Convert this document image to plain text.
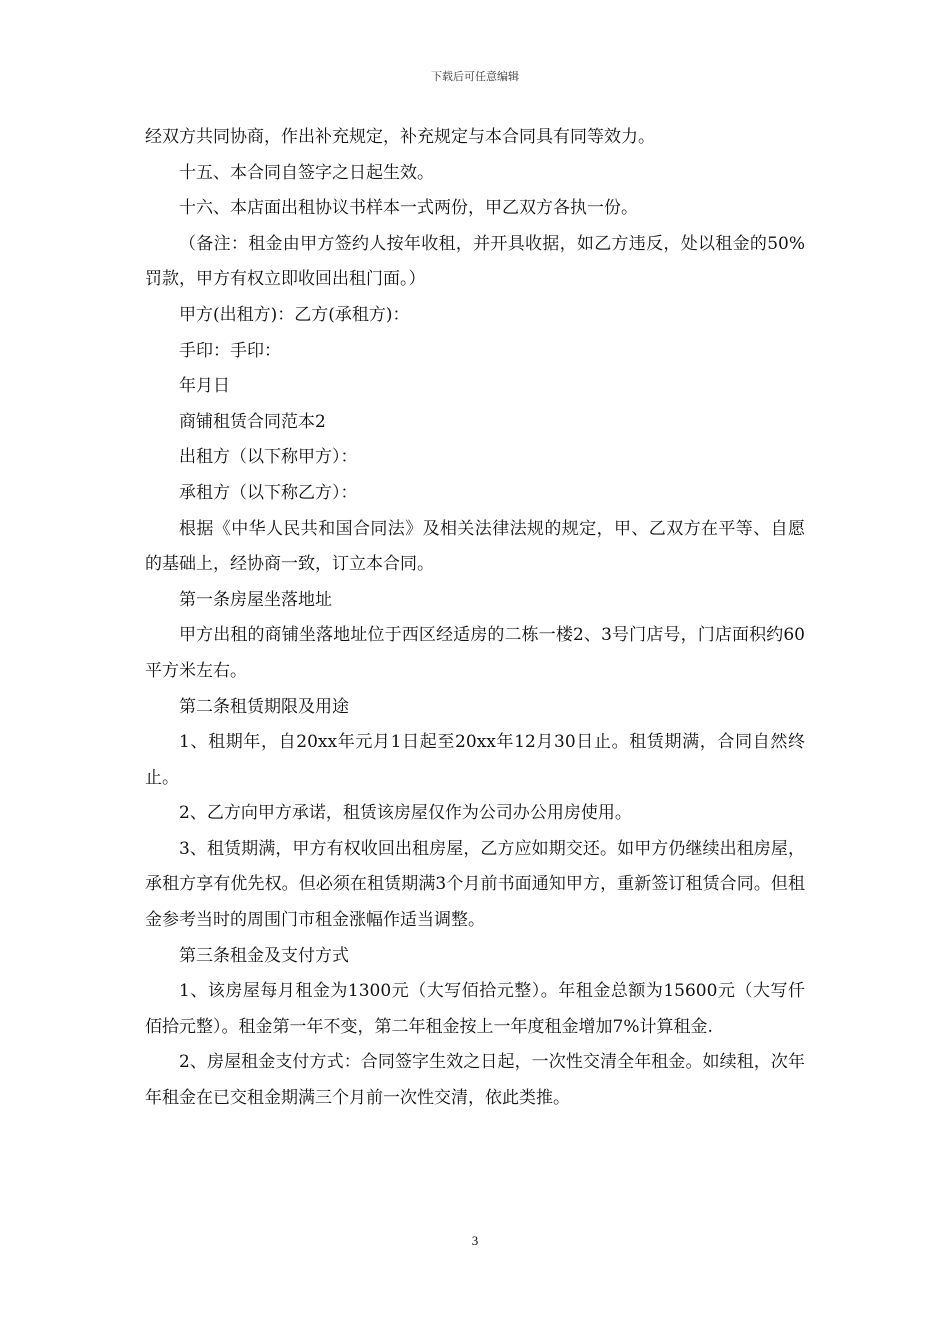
下载后可任意编辑

经双方共同协商，作出补充规定，补充规定与本合同具有同等效力。

十五、本合同自签字之日起生效。

十六、本店面出租协议书样本一式两份，甲乙双方各执一份。

（备注：租金由甲方签约人按年收租，并开具收据，如乙方违反，处以租金的50%罚款，甲方有权立即收回出租门面。）

甲方(出租方)：乙方(承租方)：

手印：手印：

年月日

商铺租赁合同范本2

出租方（以下称甲方）：

承租方（以下称乙方）：

根据《中华人民共和国合同法》及相关法律法规的规定，甲、乙双方在平等、自愿的基础上，经协商一致，订立本合同。

第一条房屋坐落地址

甲方出租的商铺坐落地址位于西区经适房的二栋一楼2、3号门店号，门店面积约60平方米左右。

第二条租赁期限及用途

1、租期年，自20xx年元月1日起至20xx年12月30日止。租赁期满，合同自然终止。

2、乙方向甲方承诺，租赁该房屋仅作为公司办公用房使用。

3、租赁期满，甲方有权收回出租房屋，乙方应如期交还。如甲方仍继续出租房屋，承租方享有优先权。但必须在租赁期满3个月前书面通知甲方，重新签订租赁合同。但租金参考当时的周围门市租金涨幅作适当调整。

第三条租金及支付方式

1、该房屋每月租金为1300元（大写佰拾元整）。年租金总额为15600元（大写仟佰拾元整）。租金第一年不变，第二年租金按上一年度租金增加7%计算租金.

2、房屋租金支付方式：合同签字生效之日起，一次性交清全年租金。如续租，次年年租金在已交租金期满三个月前一次性交清，依此类推。

3
